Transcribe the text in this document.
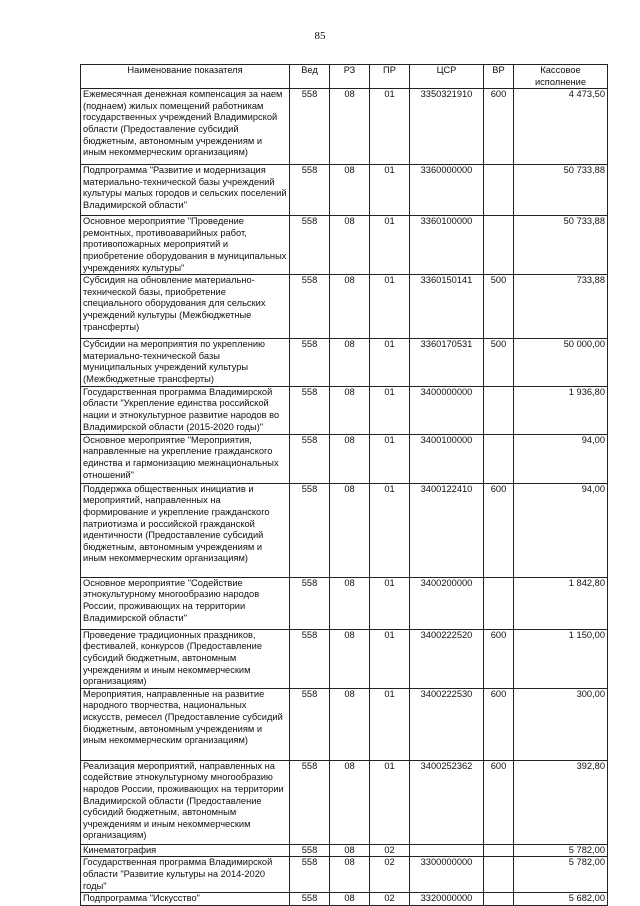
85
Наименование показателя	Вед	РЗ	ПР	ЦСР	ВР	Кассовое исполнение
Ежемесячная денежная компенсация за наем (поднаем) жилых помещений работникам государственных учреждений Владимирской области (Предоставление субсидий бюджетным, автономным учреждениям и иным некоммерческим организациям)	558	08	01	3350321910	600	4 473,50
Подпрограмма "Развитие и модернизация материально-технической базы учреждений культуры малых городов и сельских поселений Владимирской области"	558	08	01	3360000000		50 733,88
Основное мероприятие "Проведение ремонтных, противоаварийных работ, противопожарных мероприятий и приобретение оборудования в муниципальных учреждениях культуры"	558	08	01	3360100000		50 733,88
Субсидия на обновление материально-технической базы, приобретение специального оборудования для сельских учреждений культуры (Межбюджетные трансферты)	558	08	01	3360150141	500	733,88
Субсидии на мероприятия по укреплению материально-технической базы муниципальных учреждений культуры (Межбюджетные трансферты)	558	08	01	3360170531	500	50 000,00
Государственная программа Владимирской области "Укрепление единства российской нации и этнокультурное развитие народов во Владимирской области (2015-2020 годы)"	558	08	01	3400000000		1 936,80
Основное мероприятие "Мероприятия, направленные на укрепление гражданского единства и гармонизацию межнациональных отношений"	558	08	01	3400100000		94,00
Поддержка общественных инициатив и мероприятий, направленных на формирование и укрепление гражданского патриотизма и российской гражданской идентичности (Предоставление субсидий бюджетным, автономным учреждениям и иным некоммерческим организациям)	558	08	01	3400122410	600	94,00
Основное мероприятие "Содействие этнокультурному многообразию народов России, проживающих на территории Владимирской области"	558	08	01	3400200000		1 842,80
Проведение традиционных праздников, фестивалей, конкурсов (Предоставление субсидий бюджетным, автономным учреждениям и иным некоммерческим организациям)	558	08	01	3400222520	600	1 150,00
Мероприятия, направленные на развитие народного творчества, национальных искусств, ремесел (Предоставление субсидий бюджетным, автономным учреждениям и иным некоммерческим организациям)	558	08	01	3400222530	600	300,00
Реализация мероприятий, направленных на содействие этнокультурному многообразию народов России, проживающих на территории Владимирской области (Предоставление субсидий бюджетным, автономным учреждениям и иным некоммерческим организациям)	558	08	01	3400252362	600	392,80
Кинематография	558	08	02			5 782,00
Государственная программа Владимирской области "Развитие культуры на 2014-2020 годы"	558	08	02	3300000000		5 782,00
Подпрограмма "Искусство"	558	08	02	3320000000		5 682,00
